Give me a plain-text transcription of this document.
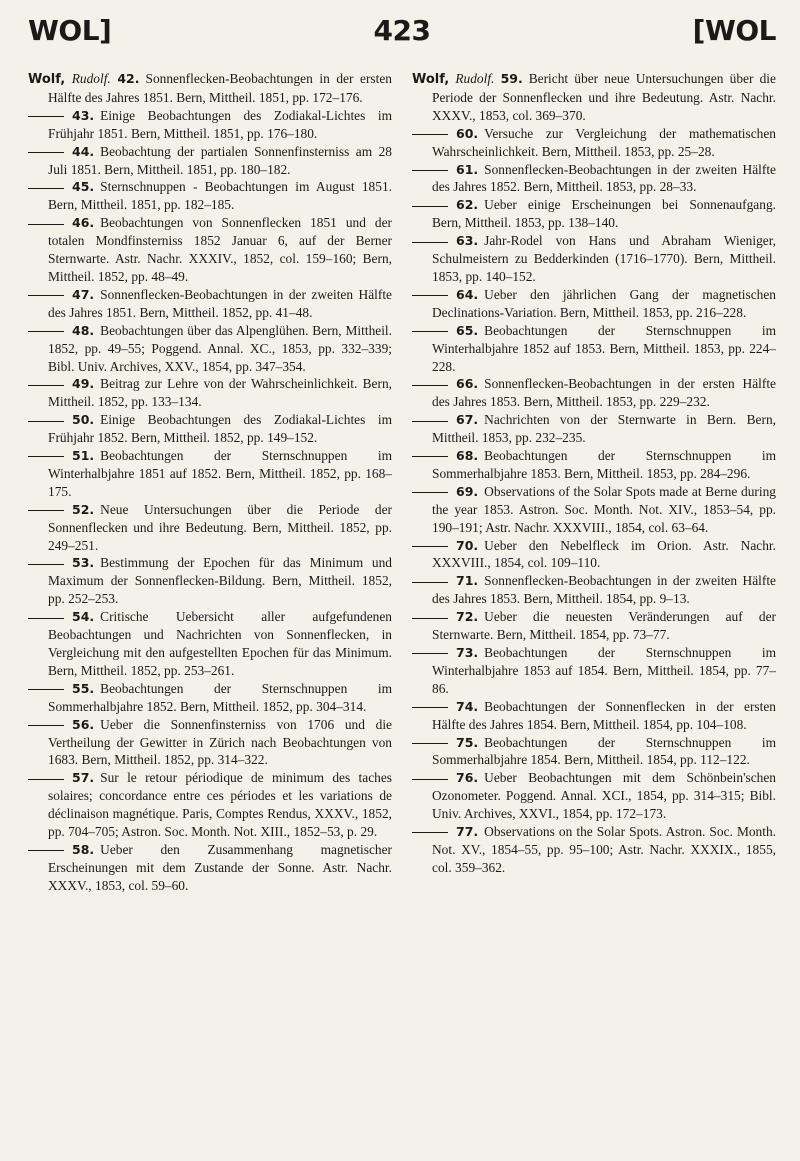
WOL]	423	[WOL

Wolf, Rudolf. 42. Sonnenflecken-Beobachtungen in der ersten Hälfte des Jahres 1851. Bern, Mittheil. 1851, pp. 172–176.

43. Einige Beobachtungen des Zodiakal-Lichtes im Frühjahr 1851. Bern, Mittheil. 1851, pp. 176–180.

44. Beobachtung der partialen Sonnenfinsterniss am 28 Juli 1851. Bern, Mittheil. 1851, pp. 180–182.

45. Sternschnuppen - Beobachtungen im August 1851. Bern, Mittheil. 1851, pp. 182–185.

46. Beobachtungen von Sonnenflecken 1851 und der totalen Mondfinsterniss 1852 Januar 6, auf der Berner Sternwarte. Astr. Nachr. XXXIV., 1852, col. 159–160; Bern, Mittheil. 1852, pp. 48–49.

47. Sonnenflecken-Beobachtungen in der zweiten Hälfte des Jahres 1851. Bern, Mittheil. 1852, pp. 41–48.

48. Beobachtungen über das Alpenglühen. Bern, Mittheil. 1852, pp. 49–55; Poggend. Annal. XC., 1853, pp. 332–339; Bibl. Univ. Archives, XXV., 1854, pp. 347–354.

49. Beitrag zur Lehre von der Wahrscheinlichkeit. Bern, Mittheil. 1852, pp. 133–134.

50. Einige Beobachtungen des Zodiakal-Lichtes im Frühjahr 1852. Bern, Mittheil. 1852, pp. 149–152.

51. Beobachtungen der Sternschnuppen im Winterhalbjahre 1851 auf 1852. Bern, Mittheil. 1852, pp. 168–175.

52. Neue Untersuchungen über die Periode der Sonnenflecken und ihre Bedeutung. Bern, Mittheil. 1852, pp. 249–251.

53. Bestimmung der Epochen für das Minimum und Maximum der Sonnenflecken-Bildung. Bern, Mittheil. 1852, pp. 252–253.

54. Critische Uebersicht aller aufgefundenen Beobachtungen und Nachrichten von Sonnenflecken, in Vergleichung mit den aufgestellten Epochen für das Minimum. Bern, Mittheil. 1852, pp. 253–261.

55. Beobachtungen der Sternschnuppen im Sommerhalbjahre 1852. Bern, Mittheil. 1852, pp. 304–314.

56. Ueber die Sonnenfinsterniss von 1706 und die Vertheilung der Gewitter in Zürich nach Beobachtungen von 1683. Bern, Mittheil. 1852, pp. 314–322.

57. Sur le retour périodique de minimum des taches solaires; concordance entre ces périodes et les variations de déclinaison magnétique. Paris, Comptes Rendus, XXXV., 1852, pp. 704–705; Astron. Soc. Month. Not. XIII., 1852–53, p. 29.

58. Ueber den Zusammenhang magnetischer Erscheinungen mit dem Zustande der Sonne. Astr. Nachr. XXXV., 1853, col. 59–60.

Wolf, Rudolf. 59. Bericht über neue Untersuchungen über die Periode der Sonnenflecken und ihre Bedeutung. Astr. Nachr. XXXV., 1853, col. 369–370.

60. Versuche zur Vergleichung der mathematischen Wahrscheinlichkeit. Bern, Mittheil. 1853, pp. 25–28.

61. Sonnenflecken-Beobachtungen in der zweiten Hälfte des Jahres 1852. Bern, Mittheil. 1853, pp. 28–33.

62. Ueber einige Erscheinungen bei Sonnenaufgang. Bern, Mittheil. 1853, pp. 138–140.

63. Jahr-Rodel von Hans und Abraham Wieniger, Schulmeistern zu Bedderkinden (1716–1770). Bern, Mittheil. 1853, pp. 140–152.

64. Ueber den jährlichen Gang der magnetischen Declinations-Variation. Bern, Mittheil. 1853, pp. 216–228.

65. Beobachtungen der Sternschnuppen im Winterhalbjahre 1852 auf 1853. Bern, Mittheil. 1853, pp. 224–228.

66. Sonnenflecken-Beobachtungen in der ersten Hälfte des Jahres 1853. Bern, Mittheil. 1853, pp. 229–232.

67. Nachrichten von der Sternwarte in Bern. Bern, Mittheil. 1853, pp. 232–235.

68. Beobachtungen der Sternschnuppen im Sommerhalbjahre 1853. Bern, Mittheil. 1853, pp. 284–296.

69. Observations of the Solar Spots made at Berne during the year 1853. Astron. Soc. Month. Not. XIV., 1853–54, pp. 190–191; Astr. Nachr. XXXVIII., 1854, col. 63–64.

70. Ueber den Nebelfleck im Orion. Astr. Nachr. XXXVIII., 1854, col. 109–110.

71. Sonnenflecken-Beobachtungen in der zweiten Hälfte des Jahres 1853. Bern, Mittheil. 1854, pp. 9–13.

72. Ueber die neuesten Veränderungen auf der Sternwarte. Bern, Mittheil. 1854, pp. 73–77.

73. Beobachtungen der Sternschnuppen im Winterhalbjahre 1853 auf 1854. Bern, Mittheil. 1854, pp. 77–86.

74. Beobachtungen der Sonnenflecken in der ersten Hälfte des Jahres 1854. Bern, Mittheil. 1854, pp. 104–108.

75. Beobachtungen der Sternschnuppen im Sommerhalbjahre 1854. Bern, Mittheil. 1854, pp. 112–122.

76. Ueber Beobachtungen mit dem Schönbein'schen Ozonometer. Poggend. Annal. XCI., 1854, pp. 314–315; Bibl. Univ. Archives, XXVI., 1854, pp. 172–173.

77. Observations on the Solar Spots. Astron. Soc. Month. Not. XV., 1854–55, pp. 95–100; Astr. Nachr. XXXIX., 1855, col. 359–362.
